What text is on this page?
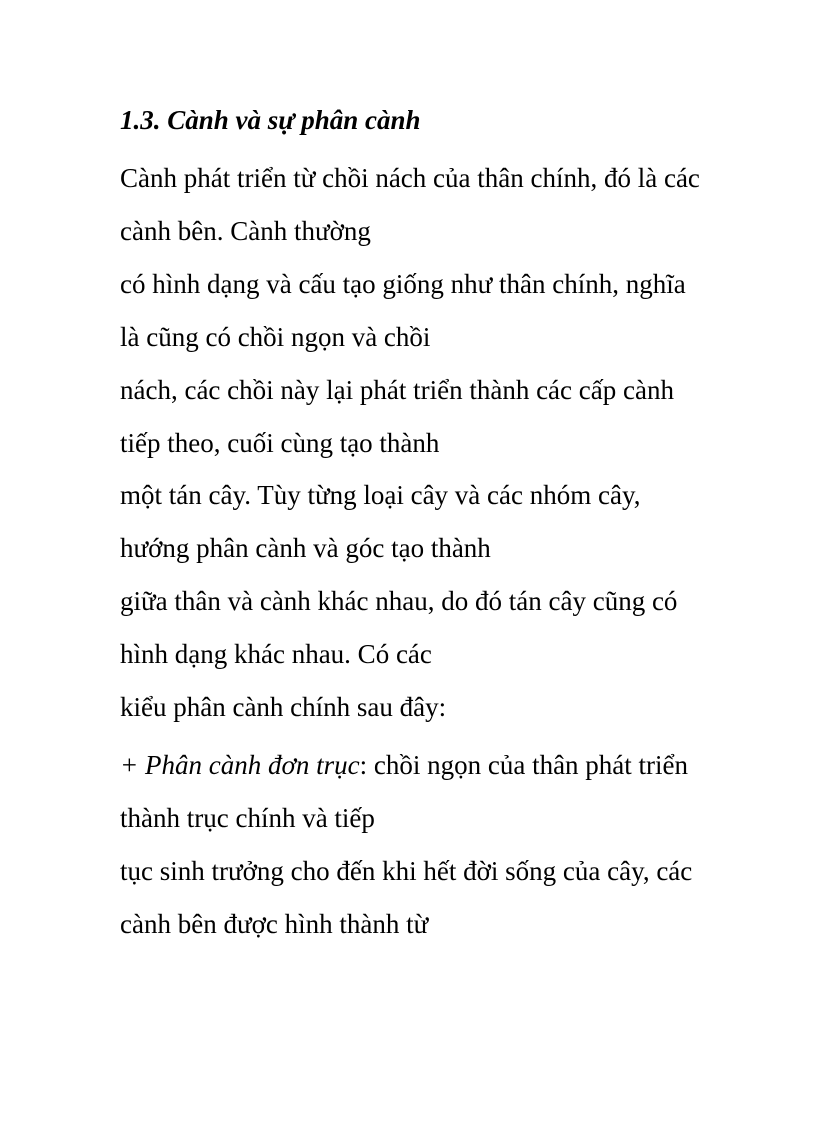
1.3. Cành và sự phân cành

Cành phát triển từ chồi nách của thân chính, đó là các
cành bên. Cành thường

có hình dạng và cấu tạo giống như thân chính, nghĩa
là cũng có chồi ngọn và chồi

nách, các chồi này lại phát triển thành các cấp cành
tiếp theo, cuối cùng tạo thành

một tán cây. Tùy từng loại cây và các nhóm cây,
hướng phân cành và góc tạo thành

giữa thân và cành khác nhau, do đó tán cây cũng có
hình dạng khác nhau. Có các

kiểu phân cành chính sau đây:

+ Phân cành đơn trục: chồi ngọn của thân phát triển
thành trục chính và tiếp

tục sinh trưởng cho đến khi hết đời sống của cây, các
cành bên được hình thành từ
